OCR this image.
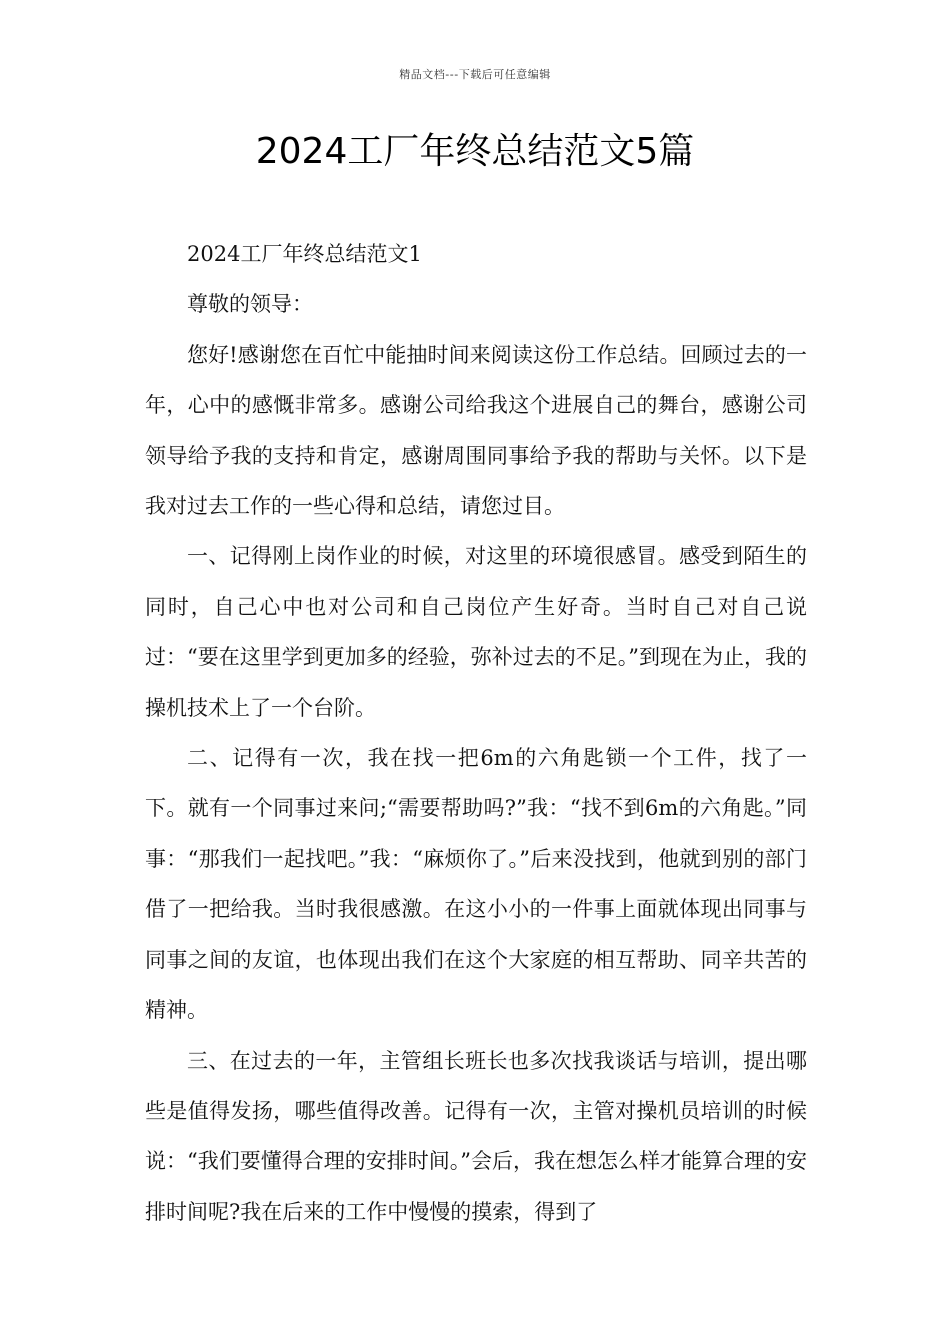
精品文档---下载后可任意编辑
2024工厂年终总结范文5篇

2024工厂年终总结范文1

尊敬的领导：

您好!感谢您在百忙中能抽时间来阅读这份工作总结。回顾过去的一年，心中的感慨非常多。感谢公司给我这个进展自己的舞台，感谢公司领导给予我的支持和肯定，感谢周围同事给予我的帮助与关怀。以下是我对过去工作的一些心得和总结，请您过目。

一、记得刚上岗作业的时候，对这里的环境很感冒。感受到陌生的同时，自己心中也对公司和自己岗位产生好奇。当时自己对自己说过：“要在这里学到更加多的经验，弥补过去的不足。”到现在为止，我的操机技术上了一个台阶。

二、记得有一次，我在找一把6m的六角匙锁一个工件，找了一下。就有一个同事过来问;“需要帮助吗?”我：“找不到6m的六角匙。”同事：“那我们一起找吧。”我：“麻烦你了。”后来没找到，他就到别的部门借了一把给我。当时我很感激。在这小小的一件事上面就体现出同事与同事之间的友谊，也体现出我们在这个大家庭的相互帮助、同辛共苦的精神。

三、在过去的一年，主管组长班长也多次找我谈话与培训，提出哪些是值得发扬，哪些值得改善。记得有一次，主管对操机员培训的时候说：“我们要懂得合理的安排时间。”会后，我在想怎么样才能算合理的安排时间呢?我在后来的工作中慢慢的摸索，得到了
